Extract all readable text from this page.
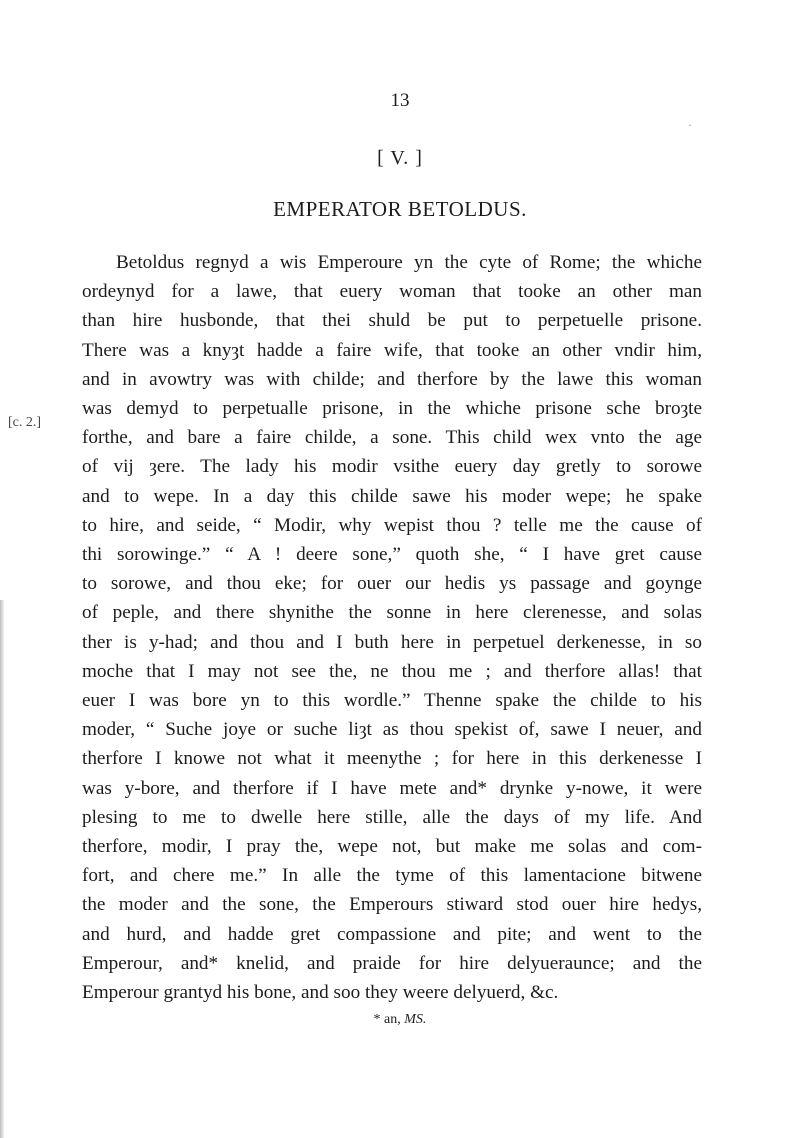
·
13
[ V. ]
EMPERATOR BETOLDUS.
[c. 2.]
Betoldus regnyd a wis Emperoure yn the cyte of Rome; the whiche
ordeynyd for a lawe, that euery woman that tooke an other man
than hire husbonde, that thei shuld be put to perpetuelle prisone.
There was a knyȝt hadde a faire wife, that tooke an other vndir him,
and in avowtry was with childe; and therfore by the lawe this woman
was demyd to perpetualle prisone, in the whiche prisone sche broȝte
forthe, and bare a faire childe, a sone. This child wex vnto the age
of vij ȝere. The lady his modir vsithe euery day gretly to sorowe
and to wepe. In a day this childe sawe his moder wepe; he spake
to hire, and seide, “ Modir, why wepist thou ? telle me the cause of
thi sorowinge.” “ A ! deere sone,” quoth she, “ I have gret cause
to sorowe, and thou eke; for ouer our hedis ys passage and goynge
of peple, and there shynithe the sonne in here clerenesse, and solas
ther is y-had; and thou and I buth here in perpetuel derkenesse, in so
moche that I may not see the, ne thou me ; and therfore allas! that
euer I was bore yn to this wordle.” Thenne spake the childe to his
moder, “ Suche joye or suche liȝt as thou spekist of, sawe I neuer, and
therfore I knowe not what it meenythe ; for here in this derkenesse I
was y-bore, and therfore if I have mete and* drynke y-nowe, it were
plesing to me to dwelle here stille, alle the days of my life. And
therfore, modir, I pray the, wepe not, but make me solas and com-
fort, and chere me.” In alle the tyme of this lamentacione bitwene
the moder and the sone, the Emperours stiward stod ouer hire hedys,
and hurd, and hadde gret compassione and pite; and went to the
Emperour, and* knelid, and praide for hire delyueraunce; and the
Emperour grantyd his bone, and soo they weere delyuerd, &c.
* an, MS.
